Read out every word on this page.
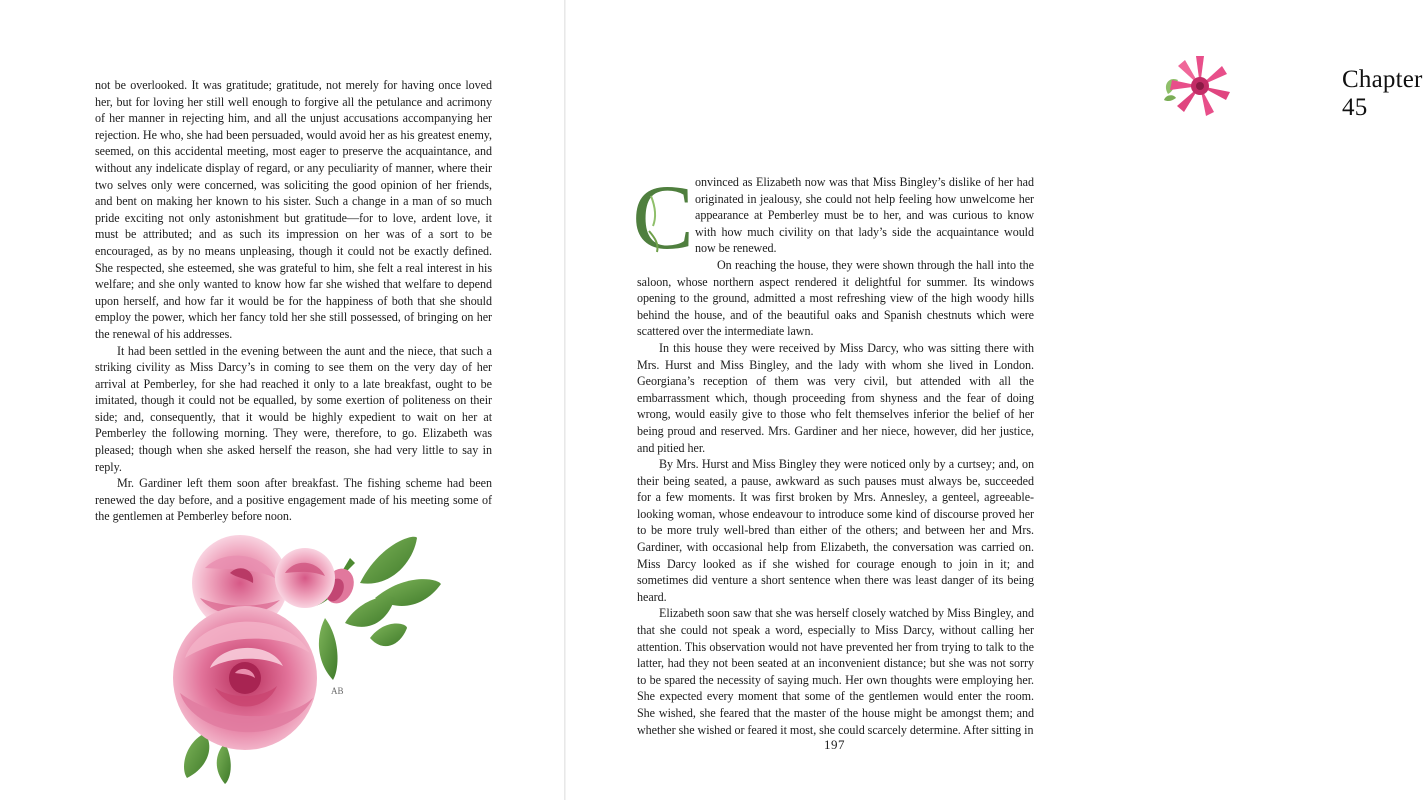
not be overlooked. It was gratitude; gratitude, not merely for having once loved her, but for loving her still well enough to forgive all the petulance and acrimony of her manner in rejecting him, and all the unjust accusations accompanying her rejection. He who, she had been persuaded, would avoid her as his greatest enemy, seemed, on this accidental meeting, most eager to preserve the acquaintance, and without any indelicate display of regard, or any peculiarity of manner, where their two selves only were concerned, was soliciting the good opinion of her friends, and bent on making her known to his sister. Such a change in a man of so much pride exciting not only astonishment but gratitude—for to love, ardent love, it must be attributed; and as such its impression on her was of a sort to be encouraged, as by no means unpleasing, though it could not be exactly defined. She respected, she esteemed, she was grateful to him, she felt a real interest in his welfare; and she only wanted to know how far she wished that welfare to depend upon herself, and how far it would be for the happiness of both that she should employ the power, which her fancy told her she still possessed, of bringing on her the renewal of his addresses.

It had been settled in the evening between the aunt and the niece, that such a striking civility as Miss Darcy’s in coming to see them on the very day of her arrival at Pemberley, for she had reached it only to a late breakfast, ought to be imitated, though it could not be equalled, by some exertion of politeness on their side; and, consequently, that it would be highly expedient to wait on her at Pemberley the following morning. They were, therefore, to go. Elizabeth was pleased; though when she asked herself the reason, she had very little to say in reply.

Mr. Gardiner left them soon after breakfast. The fishing scheme had been renewed the day before, and a positive engagement made of his meeting some of the gentlemen at Pemberley before noon.

AB
Chapter 45

C onvinced as Elizabeth now was that Miss Bingley’s dislike of her had originated in jealousy, she could not help feeling how unwelcome her appearance at Pemberley must be to her, and was curious to know with how much civility on that lady’s side the acquaintance would now be renewed.

On reaching the house, they were shown through the hall into the saloon, whose northern aspect rendered it delightful for summer. Its windows opening to the ground, admitted a most refreshing view of the high woody hills behind the house, and of the beautiful oaks and Spanish chestnuts which were scattered over the intermediate lawn.

In this house they were received by Miss Darcy, who was sitting there with Mrs. Hurst and Miss Bingley, and the lady with whom she lived in London. Georgiana’s reception of them was very civil, but attended with all the embarrassment which, though proceeding from shyness and the fear of doing wrong, would easily give to those who felt themselves inferior the belief of her being proud and reserved. Mrs. Gardiner and her niece, however, did her justice, and pitied her.

By Mrs. Hurst and Miss Bingley they were noticed only by a curtsey; and, on their being seated, a pause, awkward as such pauses must always be, succeeded for a few moments. It was first broken by Mrs. Annesley, a genteel, agreeable-looking woman, whose endeavour to introduce some kind of discourse proved her to be more truly well-bred than either of the others; and between her and Mrs. Gardiner, with occasional help from Elizabeth, the conversation was carried on. Miss Darcy looked as if she wished for courage enough to join in it; and sometimes did venture a short sentence when there was least danger of its being heard.

Elizabeth soon saw that she was herself closely watched by Miss Bingley, and that she could not speak a word, especially to Miss Darcy, without calling her attention. This observation would not have prevented her from trying to talk to the latter, had they not been seated at an inconvenient distance; but she was not sorry to be spared the necessity of saying much. Her own thoughts were employing her. She expected every moment that some of the gentlemen would enter the room. She wished, she feared that the master of the house might be amongst them; and whether she wished or feared it most, she could scarcely determine. After sitting in

197
